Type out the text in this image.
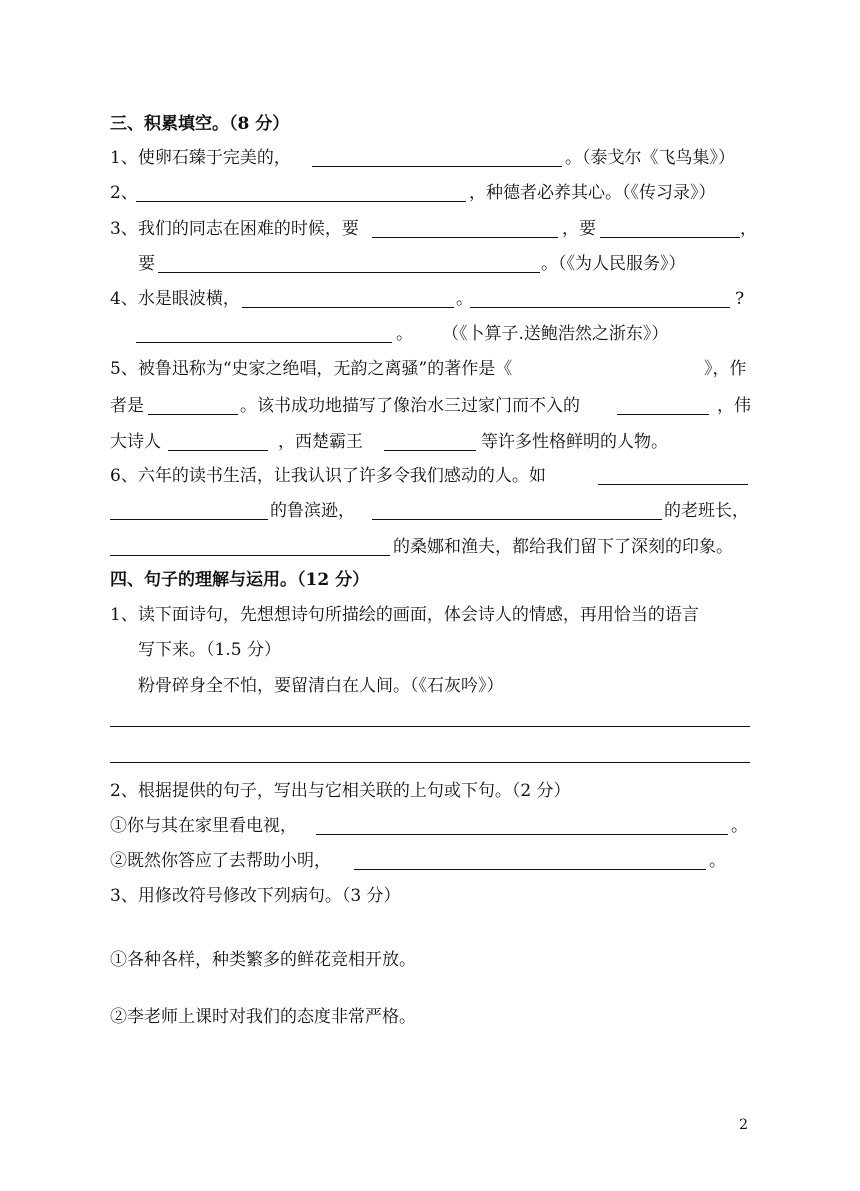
三、积累填空。（8 分）
1、使卵石臻于完美的，	。（泰戈尔《飞鸟集》）
2、	，种德者必养其心。（《传习录》）
3、我们的同志在困难的时候，要	，要	，
要	。（《为人民服务》）
4、水是眼波横，	。	?
。 （《卜算子.送鲍浩然之浙东》）
5、被鲁迅称为“史家之绝唱，无韵之离骚”的著作是《	》，作
者是	。该书成功地描写了像治水三过家门而不入的	，伟
大诗人	，西楚霸王	等许多性格鲜明的人物。
6、六年的读书生活，让我认识了许多令我们感动的人。如
的鲁滨逊，	的老班长，
的桑娜和渔夫，都给我们留下了深刻的印象。
四、句子的理解与运用。（12 分）
1、读下面诗句，先想想诗句所描绘的画面，体会诗人的情感，再用恰当的语言
写下来。（1.5 分）
粉骨碎身全不怕，要留清白在人间。（《石灰吟》）
2、根据提供的句子，写出与它相关联的上句或下句。（2 分）
①你与其在家里看电视，	。
②既然你答应了去帮助小明，	。
3、用修改符号修改下列病句。（3 分）
①各种各样，种类繁多的鲜花竞相开放。
②李老师上课时对我们的态度非常严格。
2
